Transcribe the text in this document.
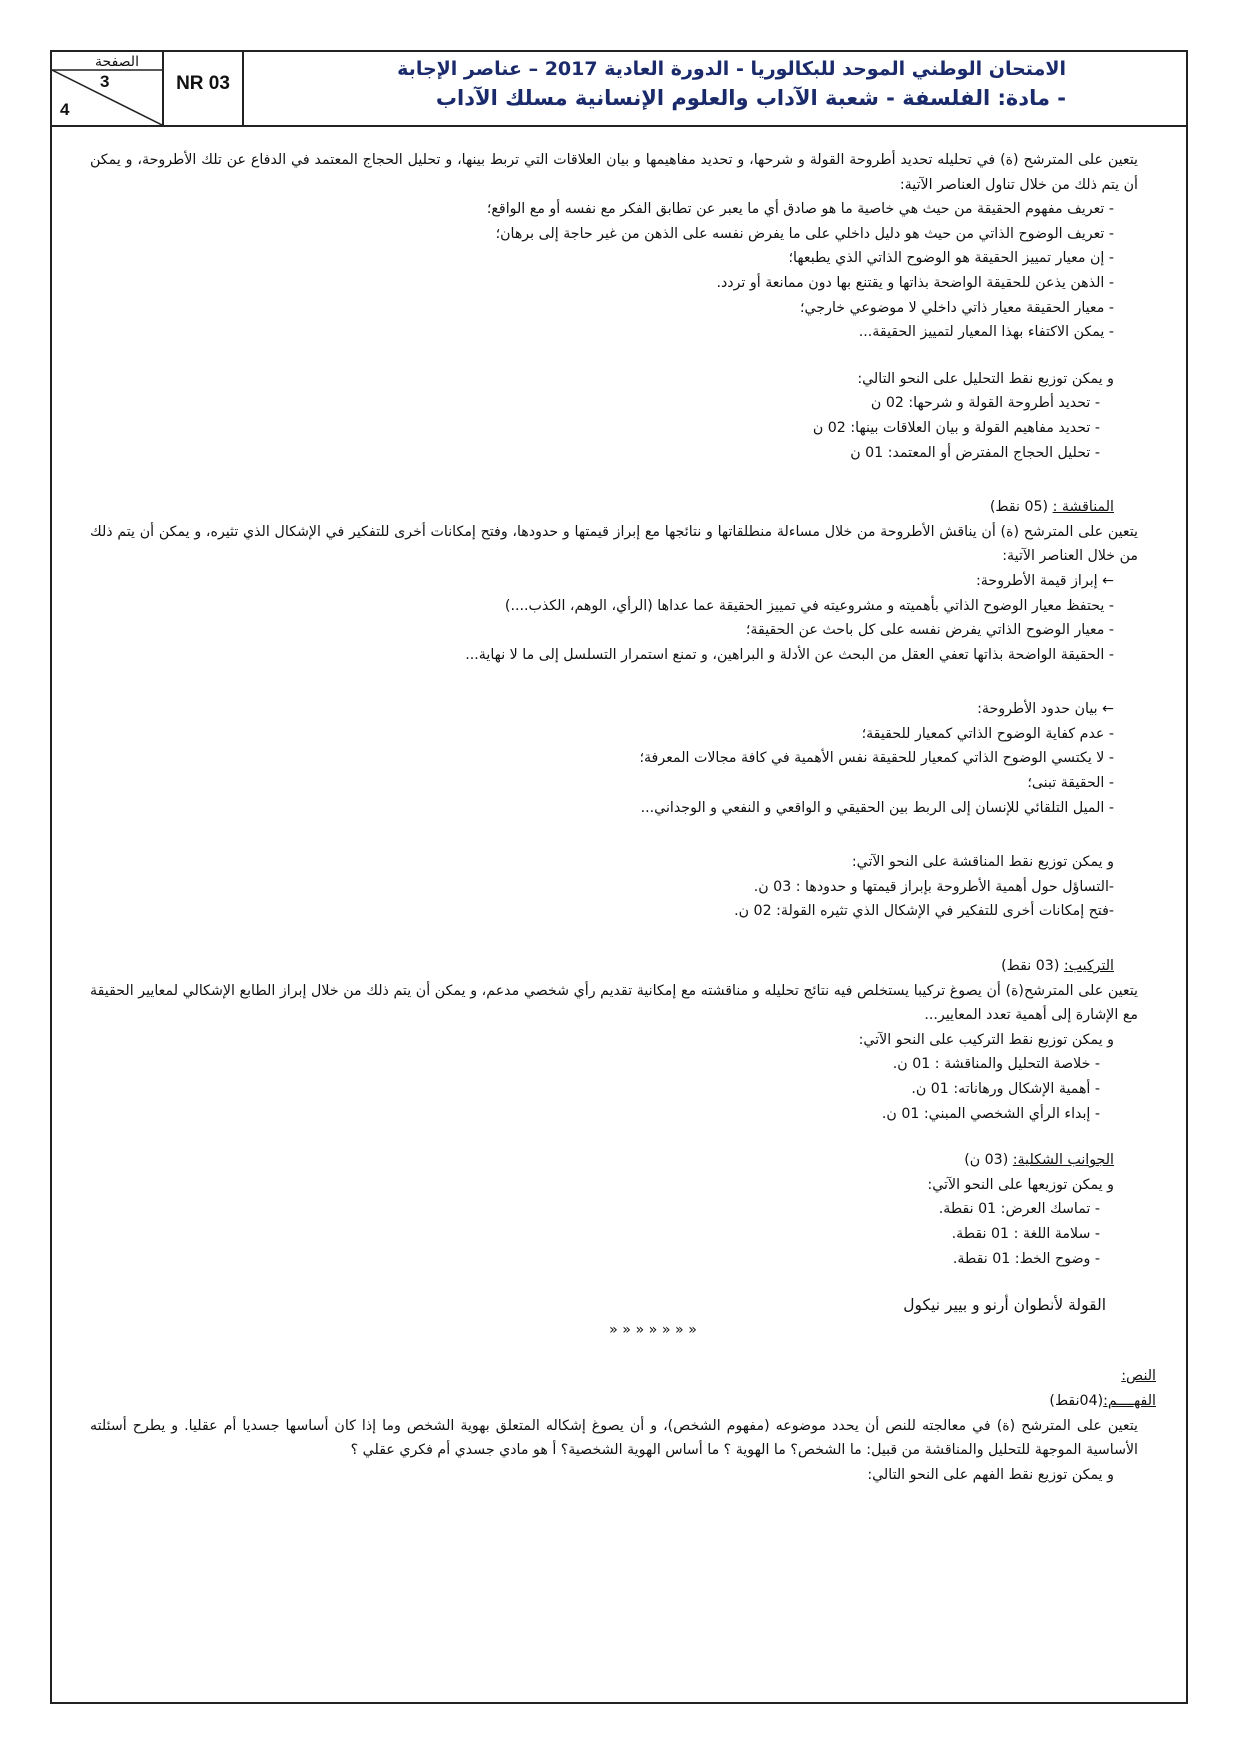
الصفحة
3
4
NR 03
الامتحان الوطني الموحد للبكالوريا - الدورة العادية 2017 – عناصر الإجابة
- مادة: الفلسفة - شعبة الآداب والعلوم الإنسانية مسلك الآداب

يتعين على المترشح (ة) في تحليله تحديد أطروحة القولة و شرحها، و تحديد مفاهيمها و بيان العلاقات التي تربط بينها، و تحليل الحجاج المعتمد في الدفاع عن تلك الأطروحة، و يمكن أن يتم ذلك من خلال تناول العناصر الآتية:

- تعريف مفهوم الحقيقة من حيث هي خاصية ما هو صادق أي ما يعبر عن تطابق الفكر مع نفسه أو مع الواقع؛

- تعريف الوضوح الذاتي من حيث هو دليل داخلي على ما يفرض نفسه على الذهن من غير حاجة إلى برهان؛

- إن معيار تمييز الحقيقة هو الوضوح الذاتي الذي يطبعها؛

- الذهن يذعن للحقيقة الواضحة بذاتها و يقتنع بها دون ممانعة أو تردد.

- معيار الحقيقة معيار ذاتي داخلي لا موضوعي خارجي؛

- يمكن الاكتفاء بهذا المعيار لتمييز الحقيقة...

و يمكن توزيع نقط التحليل على النحو التالي:

- تحديد أطروحة القولة و شرحها: 02 ن

- تحديد مفاهيم القولة و بيان العلاقات بينها: 02 ن

- تحليل الحجاج المفترض أو المعتمد: 01 ن

المناقشة : (05 نقط)

يتعين على المترشح (ة) أن يناقش الأطروحة من خلال مساءلة منطلقاتها و نتائجها مع إبراز قيمتها و حدودها، وفتح إمكانات أخرى للتفكير في الإشكال الذي تثيره، و يمكن أن يتم ذلك من خلال العناصر الآتية:

← إبراز قيمة الأطروحة:

- يحتفظ معيار الوضوح الذاتي بأهميته و مشروعيته في تمييز الحقيقة عما عداها (الرأي، الوهم، الكذب....)

- معيار الوضوح الذاتي يفرض نفسه على كل باحث عن الحقيقة؛

- الحقيقة الواضحة بذاتها تعفي العقل من البحث عن الأدلة و البراهين، و تمنع استمرار التسلسل إلى ما لا نهاية...

← بيان حدود الأطروحة:

- عدم كفاية الوضوح الذاتي كمعيار للحقيقة؛

- لا يكتسي الوضوح الذاتي كمعيار للحقيقة نفس الأهمية في كافة مجالات المعرفة؛

- الحقيقة تبنى؛

- الميل التلقائي للإنسان إلى الربط بين الحقيقي و الواقعي و النفعي و الوجداني...

و يمكن توزيع نقط المناقشة على النحو الآتي:

-التساؤل حول أهمية الأطروحة بإبراز قيمتها و حدودها : 03 ن.

-فتح إمكانات أخرى للتفكير في الإشكال الذي تثيره القولة: 02 ن.

التركيب: (03 نقط)

يتعين على المترشح(ة) أن يصوغ تركيبا يستخلص فيه نتائج تحليله و مناقشته مع إمكانية تقديم رأي شخصي مدعم، و يمكن أن يتم ذلك من خلال إبراز الطابع الإشكالي لمعايير الحقيقة مع الإشارة إلى أهمية تعدد المعايير...

و يمكن توزيع نقط التركيب على النحو الآتي:

- خلاصة التحليل والمناقشة : 01 ن.

- أهمية الإشكال ورهاناته: 01 ن.

- إبداء الرأي الشخصي المبني: 01 ن.

الجوانب الشكلية: (03 ن)

و يمكن توزيعها على النحو الآتي:

- تماسك العرض: 01 نقطة.

- سلامة اللغة : 01 نقطة.

- وضوح الخط: 01 نقطة.

القولة لأنطوان أرنو و بيير نيكول

« « « « « « «

النص:

الفهــــم:(04نقط)

يتعين على المترشح (ة) في معالجته للنص أن يحدد موضوعه (مفهوم الشخص)، و أن يصوغ إشكاله المتعلق بهوية الشخص وما إذا كان أساسها جسديا أم عقليا. و يطرح أسئلته الأساسية الموجهة للتحليل والمناقشة من قبيل: ما الشخص؟ ما الهوية ؟ ما أساس الهوية الشخصية؟ أ هو مادي جسدي أم فكري عقلي ؟

و يمكن توزيع نقط الفهم على النحو التالي:
